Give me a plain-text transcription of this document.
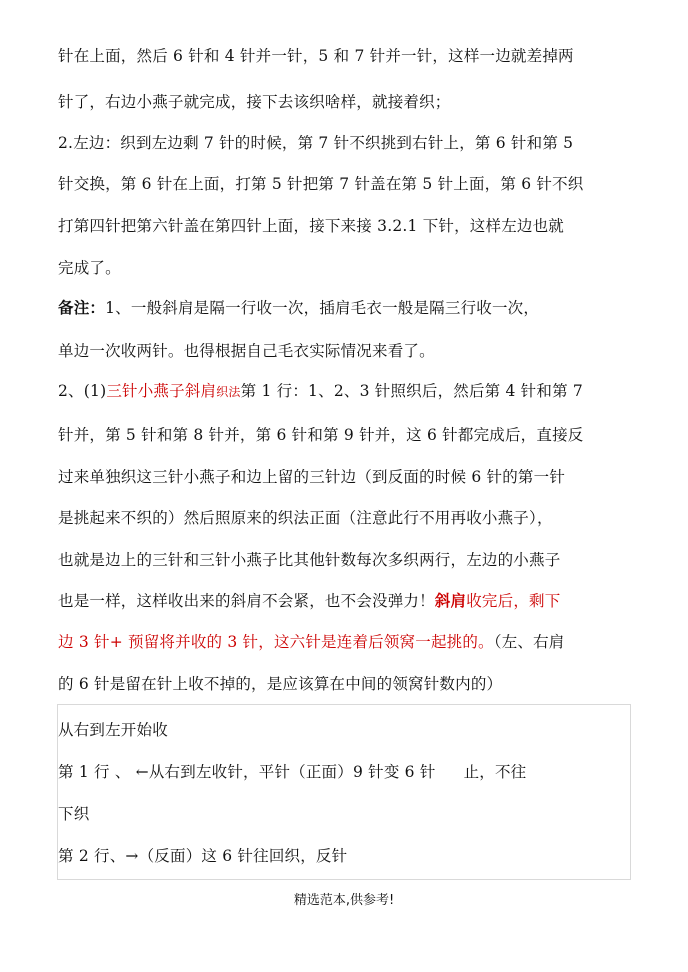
针在上面，然后 6 针和 4 针并一针，5 和 7 针并一针，这样一边就差掉两
针了，右边小燕子就完成，接下去该织啥样，就接着织；
2.左边：织到左边剩 7 针的时候，第 7 针不织挑到右针上，第 6 针和第 5
针交换，第 6 针在上面，打第 5 针把第 7 针盖在第 5 针上面，第 6 针不织
打第四针把第六针盖在第四针上面，接下来接 3.2.1 下针，这样左边也就
完成了。
备注：1、一般斜肩是隔一行收一次，插肩毛衣一般是隔三行收一次，
单边一次收两针。也得根据自己毛衣实际情况来看了。
2、(1)三针小燕子斜肩织法第 1 行：1、2、3 针照织后，然后第 4 针和第 7
针并，第 5 针和第 8 针并，第 6 针和第 9 针并，这 6 针都完成后，直接反
过来单独织这三针小燕子和边上留的三针边（到反面的时候 6 针的第一针
是挑起来不织的）然后照原来的织法正面（注意此行不用再收小燕子），
也就是边上的三针和三针小燕子比其他针数每次多织两行，左边的小燕子
也是一样，这样收出来的斜肩不会紧，也不会没弹力！斜肩收完后，剩下
边 3 针+ 预留将并收的 3 针，这六针是连着后领窝一起挑的。（左、右肩
的 6 针是留在针上收不掉的，是应该算在中间的领窝针数内的）
从右到左开始收
第 1 行 、 ←从右到左收针，平针（正面）9 针变 6 针 止，不往
下织
第 2 行、→（反面）这 6 针往回织，反针
精选范本,供参考!
